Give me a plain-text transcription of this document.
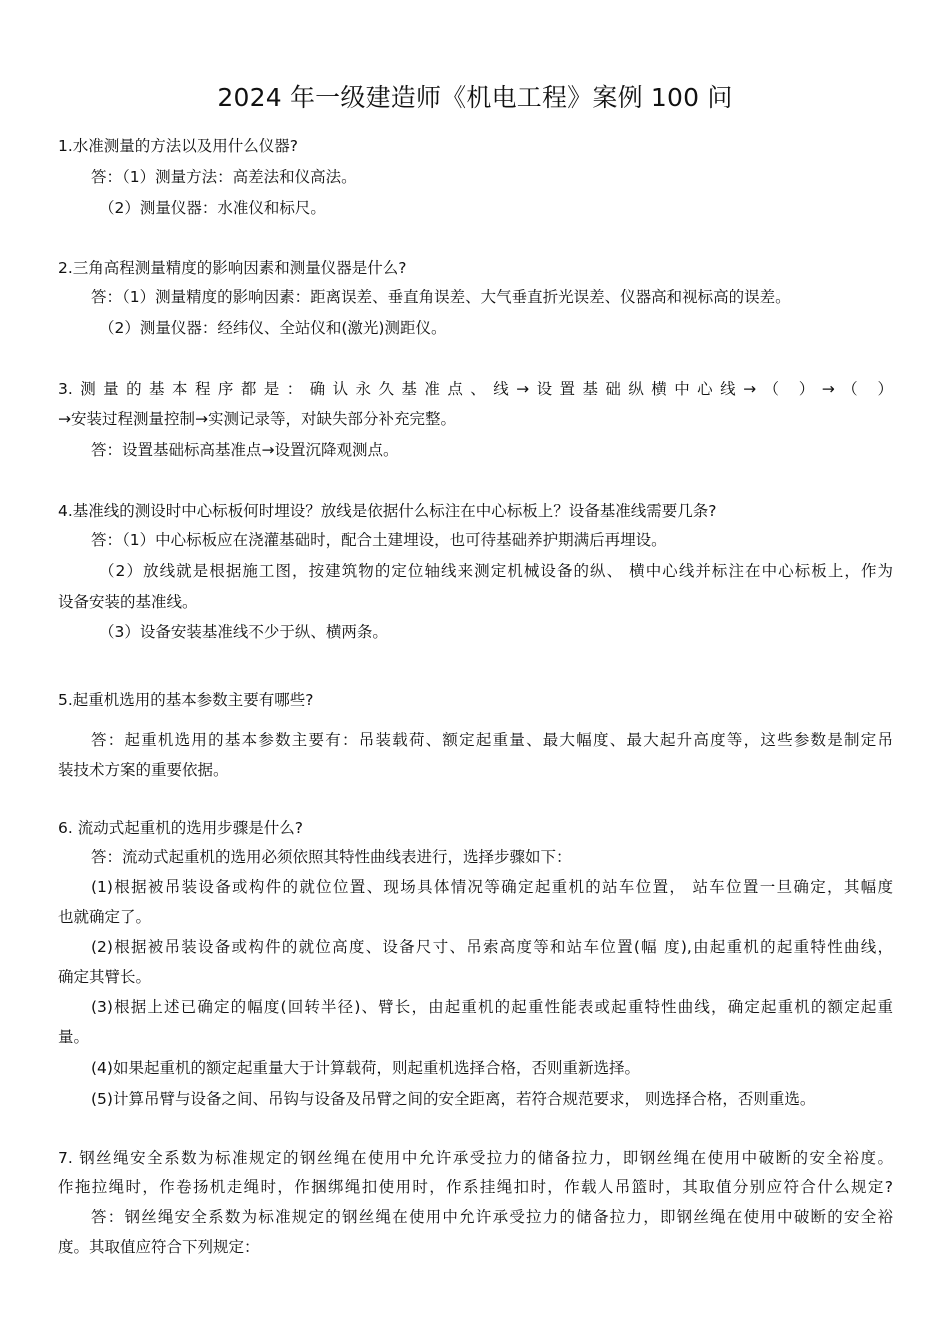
2024 年一级建造师《机电工程》案例 100 问
1.水准测量的方法以及用什么仪器?
答：（1）测量方法：高差法和仪高法。
（2）测量仪器：水准仪和标尺。
2.三角高程测量精度的影响因素和测量仪器是什么?
答：（1）测量精度的影响因素：距离误差、垂直角误差、大气垂直折光误差、仪器高和视标高的误差。
（2）测量仪器：经纬仪、全站仪和(激光)测距仪。
3.测量的基本程序都是：确认永久基准点、线→设置基础纵横中心线→（ ）→（ ）
→安装过程测量控制→实测记录等，对缺失部分补充完整。
答：设置基础标高基准点→设置沉降观测点。
4.基准线的测设时中心标板何时埋设？放线是依据什么标注在中心标板上？设备基准线需要几条?
答：（1）中心标板应在浇灌基础时，配合土建埋设，也可待基础养护期满后再埋设。
（2）放线就是根据施工图，按建筑物的定位轴线来测定机械设备的纵、 横中心线并标注在中心标板上，作为
设备安装的基准线。
（3）设备安装基准线不少于纵、横两条。
5.起重机选用的基本参数主要有哪些?
答：起重机选用的基本参数主要有：吊装载荷、额定起重量、最大幅度、最大起升高度等，这些参数是制定吊
装技术方案的重要依据。
6. 流动式起重机的选用步骤是什么?
答：流动式起重机的选用必须依照其特性曲线表进行，选择步骤如下：
(1)根据被吊装设备或构件的就位位置、现场具体情况等确定起重机的站车位置， 站车位置一旦确定，其幅度
也就确定了。
(2)根据被吊装设备或构件的就位高度、设备尺寸、吊索高度等和站车位置(幅 度),由起重机的起重特性曲线，
确定其臂长。
(3)根据上述已确定的幅度(回转半径)、臂长，由起重机的起重性能表或起重特性曲线，确定起重机的额定起重
量。
(4)如果起重机的额定起重量大于计算载荷，则起重机选择合格，否则重新选择。
(5)计算吊臂与设备之间、吊钩与设备及吊臂之间的安全距离，若符合规范要求， 则选择合格，否则重选。
7. 钢丝绳安全系数为标准规定的钢丝绳在使用中允许承受拉力的储备拉力，即钢丝绳在使用中破断的安全裕度。
作拖拉绳时，作卷扬机走绳时，作捆绑绳扣使用时，作系挂绳扣时，作载人吊篮时，其取值分别应符合什么规定?
答：钢丝绳安全系数为标准规定的钢丝绳在使用中允许承受拉力的储备拉力，即钢丝绳在使用中破断的安全裕
度。其取值应符合下列规定：
